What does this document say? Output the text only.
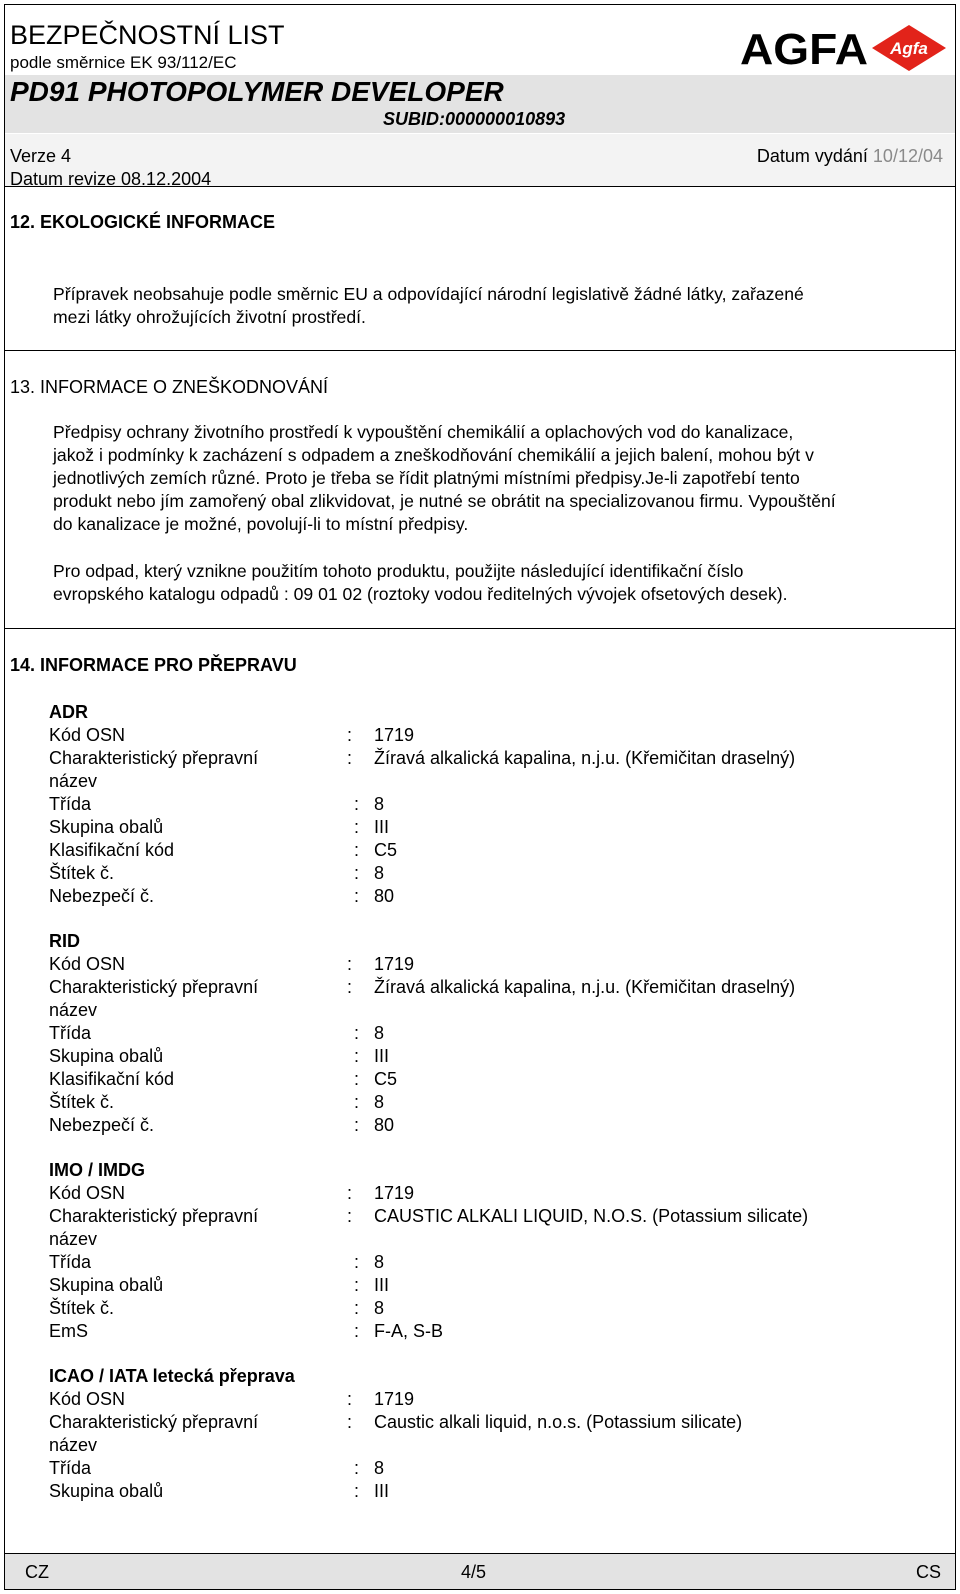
BEZPEČNOSTNÍ LIST
podle směrnice EK 93/112/EC
PD91 PHOTOPOLYMER DEVELOPER
SUBID:000000010893
Verze 4
Datum revize 08.12.2004
Datum vydání 10/12/04
AGFA Agfa
12. EKOLOGICKÉ INFORMACE
Přípravek neobsahuje podle směrnic EU a odpovídající národní legislativě žádné látky, zařazené
mezi látky ohrožujících životní prostředí.
13. INFORMACE O ZNEŠKODNOVÁNÍ
Předpisy ochrany životního prostředí k vypouštění chemikálií a oplachových vod do kanalizace,
jakož i podmínky k zacházení s odpadem a zneškodňování chemikálií a jejich balení, mohou být v
jednotlivých zemích různé. Proto je třeba se řídit platnými místními předpisy.Je-li zapotřebí tento
produkt nebo jím zamořený obal zlikvidovat, je nutné se obrátit na specializovanou firmu. Vypouštění
do kanalizace je možné, povolují-li to místní předpisy.
Pro odpad, který vznikne použitím tohoto produktu, použijte následující identifikační číslo
evropského katalogu odpadů : 09 01 02 (roztoky vodou ředitelných vývojek ofsetových desek).
14. INFORMACE PRO PŘEPRAVU
ADR
Kód OSN	: 1719
Charakteristický přepravní	: Žíravá alkalická kapalina, n.j.u. (Křemičitan draselný)
název
Třída	: 8
Skupina obalů	: III
Klasifikační kód	: C5
Štítek č.	: 8
Nebezpečí č.	: 80
RID
Kód OSN	: 1719
Charakteristický přepravní	: Žíravá alkalická kapalina, n.j.u. (Křemičitan draselný)
název
Třída	: 8
Skupina obalů	: III
Klasifikační kód	: C5
Štítek č.	: 8
Nebezpečí č.	: 80
IMO / IMDG
Kód OSN	: 1719
Charakteristický přepravní	: CAUSTIC ALKALI LIQUID, N.O.S. (Potassium silicate)
název
Třída	: 8
Skupina obalů	: III
Štítek č.	: 8
EmS	: F-A, S-B
ICAO / IATA letecká přeprava
Kód OSN	: 1719
Charakteristický přepravní	: Caustic alkali liquid, n.o.s. (Potassium silicate)
název
Třída	: 8
Skupina obalů	: III
CZ	4/5	CS
